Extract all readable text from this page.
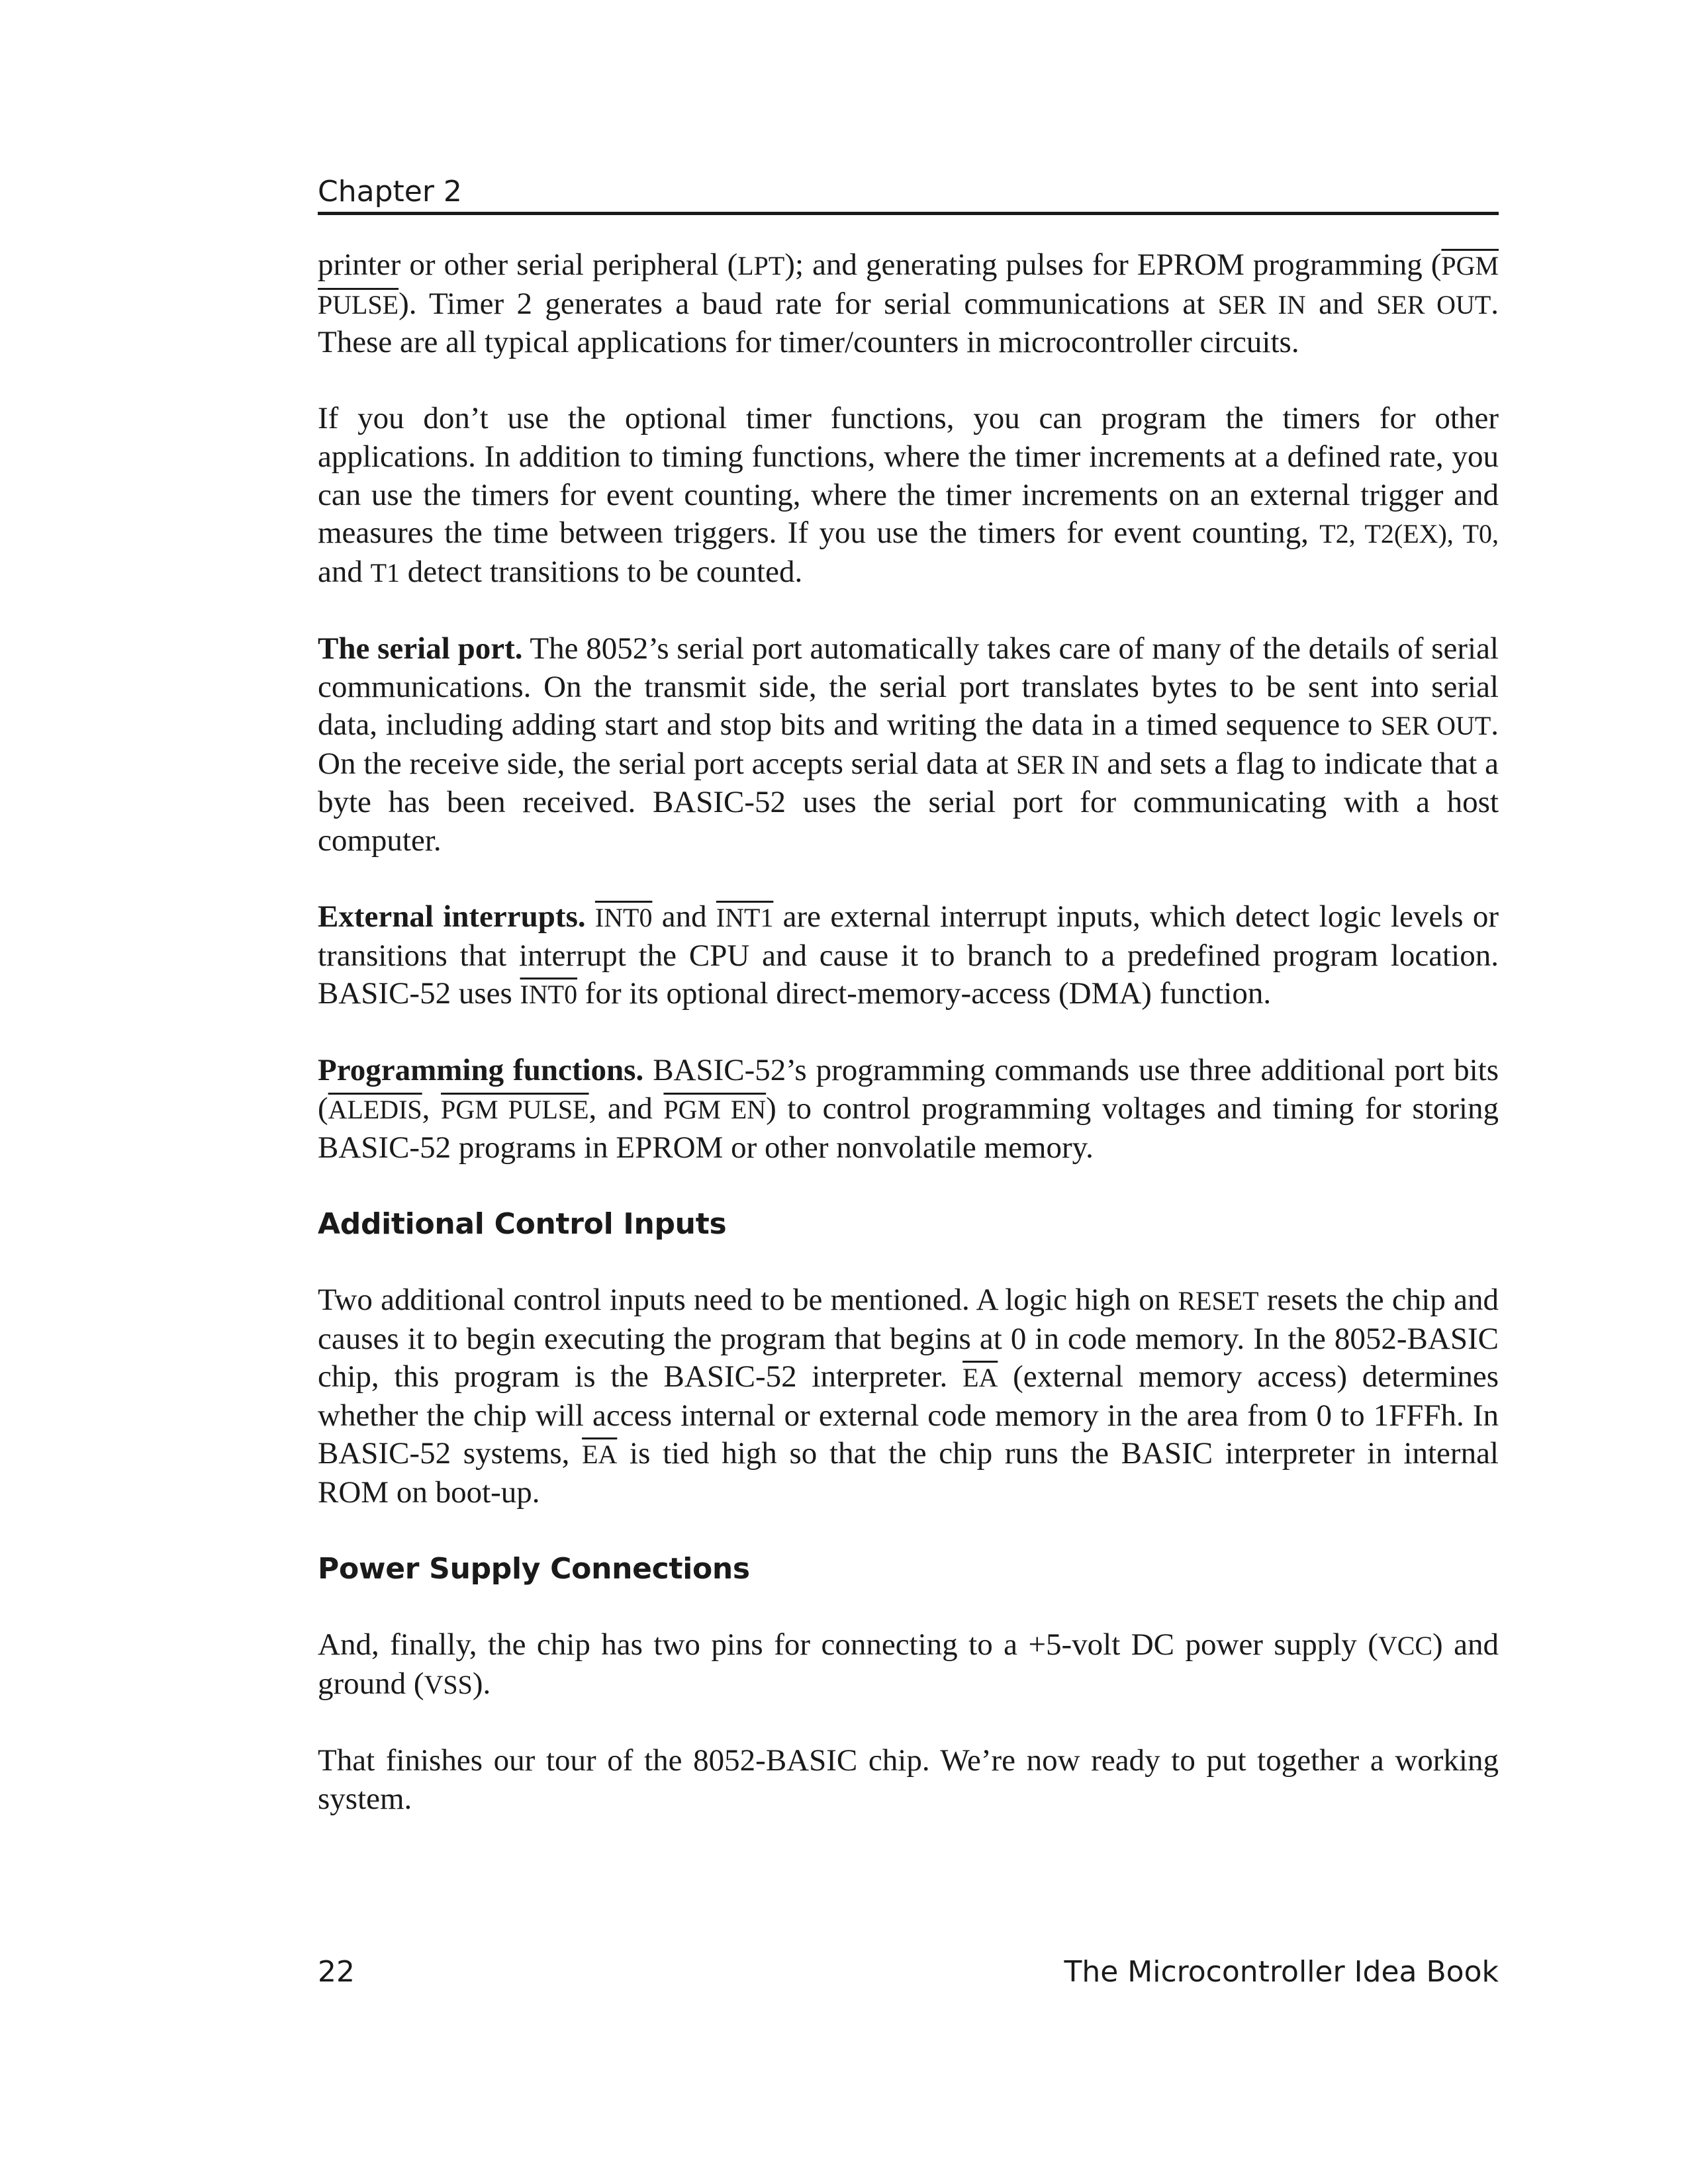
Chapter 2

printer or other serial peripheral (LPT); and generating pulses for EPROM programming (PGM PULSE). Timer 2 generates a baud rate for serial communications at SER IN and SER OUT. These are all typical applications for timer/counters in microcontroller circuits.

If you don’t use the optional timer functions, you can program the timers for other applications. In addition to timing functions, where the timer increments at a defined rate, you can use the timers for event counting, where the timer increments on an external trigger and measures the time between triggers. If you use the timers for event counting, T2, T2(EX), T0, and T1 detect transitions to be counted.

The serial port. The 8052’s serial port automatically takes care of many of the details of serial communications. On the transmit side, the serial port translates bytes to be sent into serial data, including adding start and stop bits and writing the data in a timed sequence to SER OUT. On the receive side, the serial port accepts serial data at SER IN and sets a flag to indicate that a byte has been received. BASIC-52 uses the serial port for communicating with a host computer.

External interrupts. INT0 and INT1 are external interrupt inputs, which detect logic levels or transitions that interrupt the CPU and cause it to branch to a predefined program location. BASIC-52 uses INT0 for its optional direct-memory-access (DMA) function.

Programming functions. BASIC-52’s programming commands use three additional port bits (ALEDIS, PGM PULSE, and PGM EN) to control programming voltages and timing for storing BASIC-52 programs in EPROM or other nonvolatile memory.

Additional Control Inputs

Two additional control inputs need to be mentioned. A logic high on RESET resets the chip and causes it to begin executing the program that begins at 0 in code memory. In the 8052-BASIC chip, this program is the BASIC-52 interpreter. $\overline{EA}$ (external memory access) determines whether the chip will access internal or external code memory in the area from 0 to 1FFFh. In BASIC-52 systems, $\overline{EA}$ is tied high so that the chip runs the BASIC interpreter in internal ROM on boot-up.

Power Supply Connections

And, finally, the chip has two pins for connecting to a +5-volt DC power supply (VCC) and ground (VSS).

That finishes our tour of the 8052-BASIC chip. We’re now ready to put together a working system.

22	The Microcontroller Idea Book
